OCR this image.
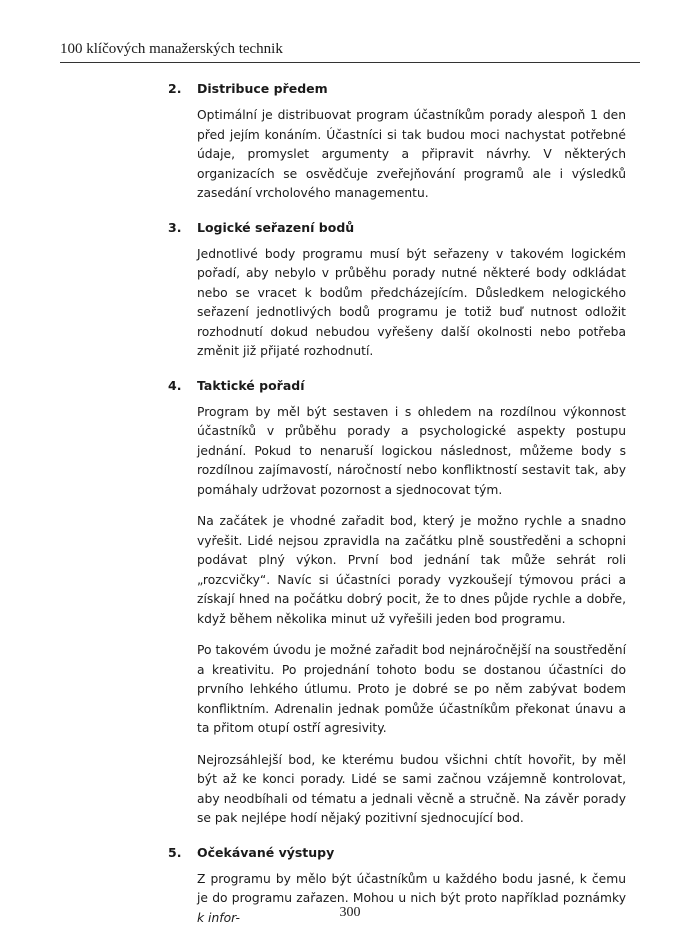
100 klíčových manažerských technik
2. Distribuce předem

Optimální je distribuovat program účastníkům porady alespoň 1 den před jejím konáním. Účastníci si tak budou moci nachystat potřebné údaje, promyslet argumenty a připravit návrhy. V některých organizacích se osvědčuje zveřejňování programů ale i výsledků zasedání vrcholového managementu.

3. Logické seřazení bodů

Jednotlivé body programu musí být seřazeny v takovém logickém pořadí, aby nebylo v průběhu porady nutné některé body odkládat nebo se vracet k bodům předcházejícím. Důsledkem nelogického seřazení jednotlivých bodů programu je totiž buď nutnost odložit rozhodnutí dokud nebudou vyřešeny další okolnosti nebo potřeba změnit již přijaté rozhodnutí.

4. Taktické pořadí

Program by měl být sestaven i s ohledem na rozdílnou výkonnost účastníků v průběhu porady a psychologické aspekty postupu jednání. Pokud to nenaruší logickou následnost, můžeme body s rozdílnou zajímavostí, náročností nebo konfliktností sestavit tak, aby pomáhaly udržovat pozornost a sjednocovat tým.

Na začátek je vhodné zařadit bod, který je možno rychle a snadno vyřešit. Lidé nejsou zpravidla na začátku plně soustředěni a schopni podávat plný výkon. První bod jednání tak může sehrát roli „rozcvičky“. Navíc si účastníci porady vyzkoušejí týmovou práci a získají hned na počátku dobrý pocit, že to dnes půjde rychle a dobře, když během několika minut už vyřešili jeden bod programu.

Po takovém úvodu je možné zařadit bod nejnáročnější na soustředění a kreativitu. Po projednání tohoto bodu se dostanou účastníci do prvního lehkého útlumu. Proto je dobré se po něm zabývat bodem konfliktním. Adrenalin jednak pomůže účastníkům překonat únavu a ta přitom otupí ostří agresivity.

Nejrozsáhlejší bod, ke kterému budou všichni chtít hovořit, by měl být až ke konci porady. Lidé se sami začnou vzájemně kontrolovat, aby neodbíhali od tématu a jednali věcně a stručně. Na závěr porady se pak nejlépe hodí nějaký pozitivní sjednocující bod.

5. Očekávané výstupy

Z programu by mělo být účastníkům u každého bodu jasné, k čemu je do programu zařazen. Mohou u nich být proto například poznámky k infor-	300
